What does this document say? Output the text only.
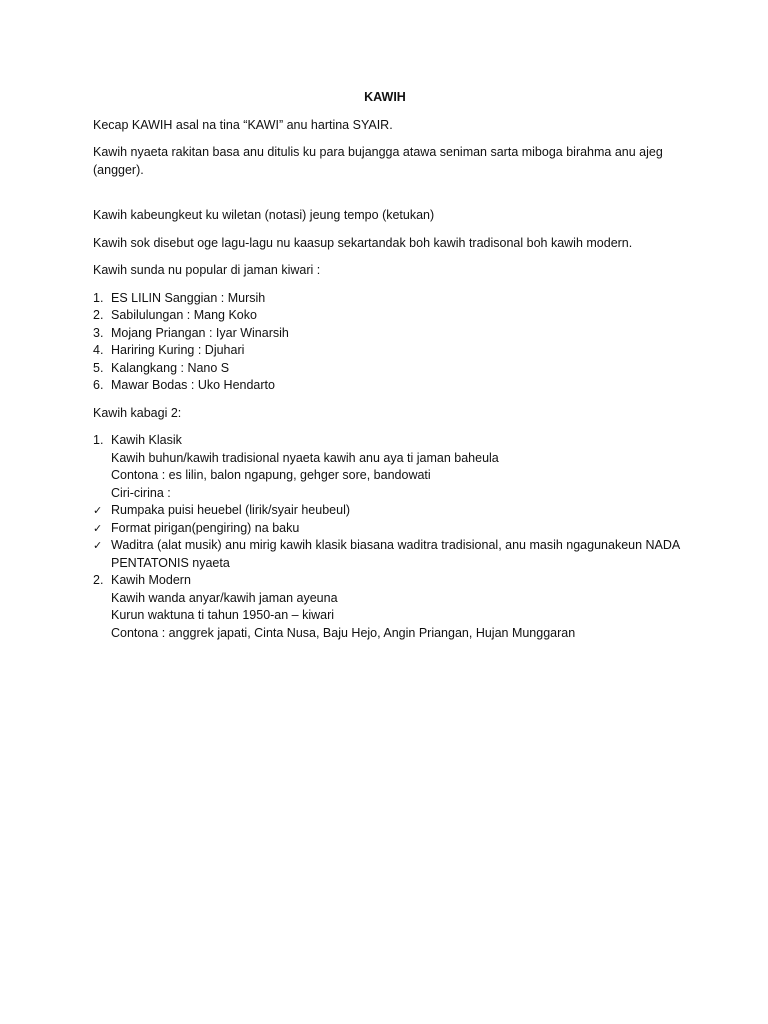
KAWIH

Kecap KAWIH asal na tina “KAWI” anu hartina SYAIR.

Kawih nyaeta rakitan basa anu ditulis ku para bujangga atawa seniman sarta miboga birahma anu ajeg (angger).

Kawih kabeungkeut ku wiletan (notasi) jeung tempo (ketukan)

Kawih sok disebut oge lagu-lagu nu kaasup sekartandak boh kawih tradisonal boh kawih modern.

Kawih sunda nu popular di jaman kiwari :

1. ES LILIN Sanggian : Mursih
2. Sabilulungan : Mang Koko
3. Mojang Priangan : Iyar Winarsih
4. Hariring Kuring : Djuhari
5. Kalangkang : Nano S
6. Mawar Bodas : Uko Hendarto

Kawih kabagi 2:

1. Kawih Klasik
Kawih buhun/kawih tradisional nyaeta kawih anu aya ti jaman baheula
Contona : es lilin, balon ngapung, gehger sore, bandowati
Ciri-cirina :
✓ Rumpaka puisi heuebel (lirik/syair heubeul)
✓ Format pirigan(pengiring) na baku
✓ Waditra (alat musik) anu mirig kawih klasik biasana waditra tradisional, anu masih ngagunakeun NADA PENTATONIS nyaeta
2. Kawih Modern
Kawih wanda anyar/kawih jaman ayeuna
Kurun waktuna ti tahun 1950-an – kiwari
Contona : anggrek japati, Cinta Nusa, Baju Hejo, Angin Priangan, Hujan Munggaran
